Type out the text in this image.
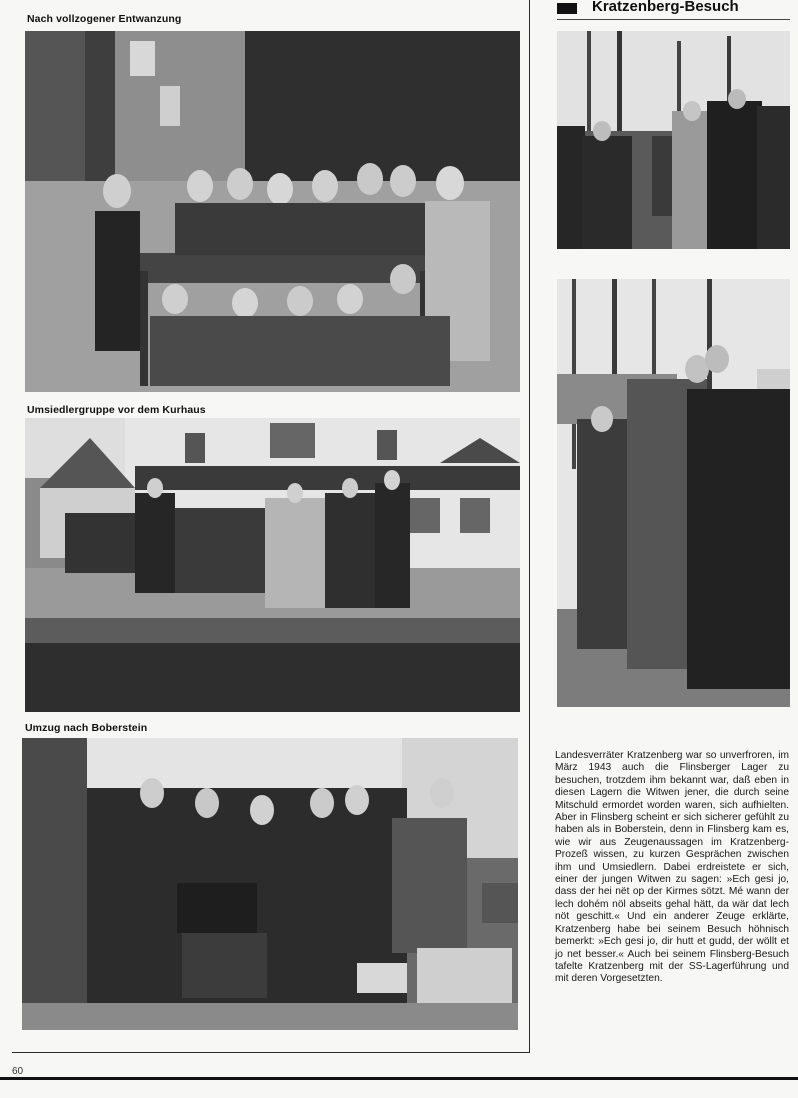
Nach vollzogener Entwanzung
Umsiedlergruppe vor dem Kurhaus
Umzug nach Boberstein
Kratzenberg-Besuch
Landesverräter Kratzenberg war so unverfroren, im März 1943 auch die Flinsberger Lager zu besuchen, trotzdem ihm bekannt war, daß eben in diesen Lagern die Witwen jener, die durch seine Mitschuld ermordet worden waren, sich aufhielten. Aber in Flinsberg scheint er sich sicherer gefühlt zu haben als in Boberstein, denn in Flinsberg kam es, wie wir aus Zeugenaussagen im Kratzenberg-Prozeß wissen, zu kurzen Gesprächen zwischen ihm und Umsiedlern. Dabei erdreistete er sich, einer der jungen Witwen zu sagen: »Ech gesi jo, dass der hei nët op der Kirmes sötzt. Mé wann der lech dohém nöl abseits gehal hätt, da wär dat lech nöt geschitt.« Und ein anderer Zeuge erklärte, Kratzenberg habe bei seinem Besuch höhnisch bemerkt: »Ech gesi jo, dir hutt et gudd, der wöllt et jo net besser.« Auch bei seinem Flinsberg-Besuch tafelte Kratzenberg mit der SS-Lagerführung und mit deren Vorgesetzten.
60
